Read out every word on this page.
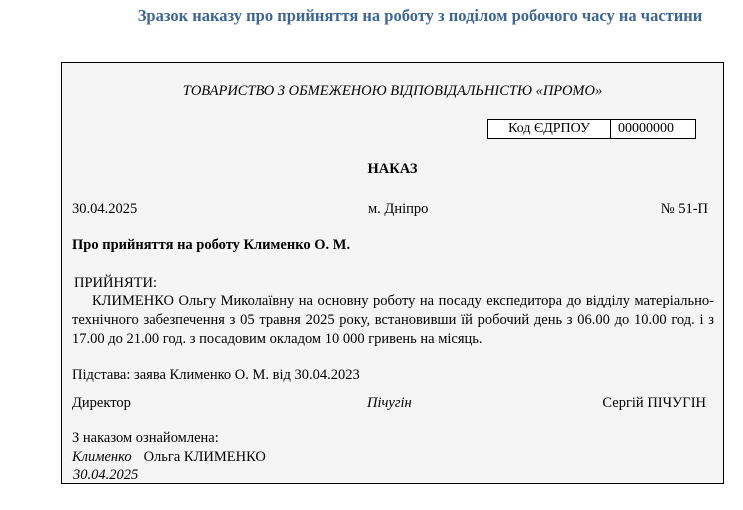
Зразок наказу про прийняття на роботу з поділом робочого часу на частини
ТОВАРИСТВО З ОБМЕЖЕНОЮ ВІДПОВІДАЛЬНІСТЮ «ПРОМО»
Код ЄДРПОУ	00000000
НАКАЗ
30.04.2025	м. Дніпро	№ 51-П
Про прийняття на роботу Клименко О. М.
ПРИЙНЯТИ:
КЛИМЕНКО Ольгу Миколаївну на основну роботу на посаду експедитора до відділу матеріально-технічного забезпечення з 05 травня 2025 року, встановивши їй робочий день з 06.00 до 10.00 год. і з 17.00 до 21.00 год. з посадовим окладом 10 000 гривень на місяць.
Підстава: заява Клименко О. М. від 30.04.2023
Директор	Пічугін	Сергій ПІЧУГІН
З наказом ознайомлена:
Клименко Ольга КЛИМЕНКО
30.04.2025
